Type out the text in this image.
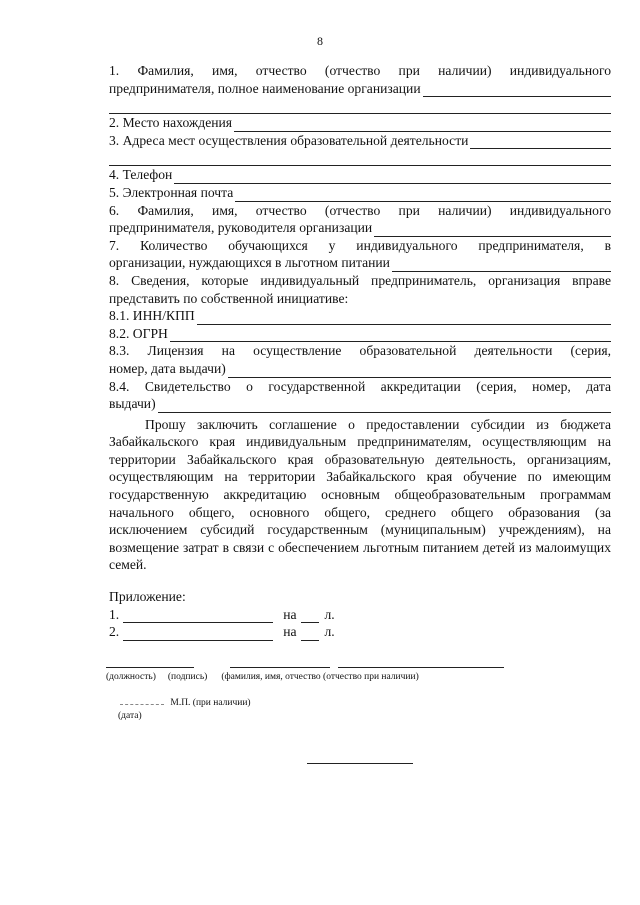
8

1. Фамилия, имя, отчество (отчество при наличии) индивидуального

предпринимателя, полное наименование организации
2. Место нахождения
3. Адреса мест осуществления образовательной деятельности
4. Телефон
5. Электронная почта

6. Фамилия, имя, отчество (отчество при наличии) индивидуального

предпринимателя, руководителя организации

7. Количество обучающихся у индивидуального предпринимателя, в

организации, нуждающихся в льготном питании

8. Сведения, которые индивидуальный предприниматель, организация вправе

представить по собственной инициативе:

8.1. ИНН/КПП
8.2. ОГРН

8.3. Лицензия на осуществление образовательной деятельности (серия,

номер, дата выдачи)

8.4. Свидетельство о государственной аккредитации (серия, номер, дата

выдачи)

Прошу заключить соглашение о предоставлении субсидии из бюджета Забайкальского края индивидуальным предпринимателям, осуществляющим на территории Забайкальского края образовательную деятельность, организациям, осуществляющим на территории Забайкальского края обучение по имеющим государственную аккредитацию основным общеобразовательным программам начального общего, основного общего, среднего общего образования (за исключением субсидий государственным (муниципальным) учреждениям), на возмещение затрат в связи с обеспечением льготным питанием детей из малоимущих семей.

Приложение:

1.	на л.
2.	на л.
(должность) (подпись) (фамилия, имя, отчество (отчество при наличии)
М.П. (при наличии)
(дата)
